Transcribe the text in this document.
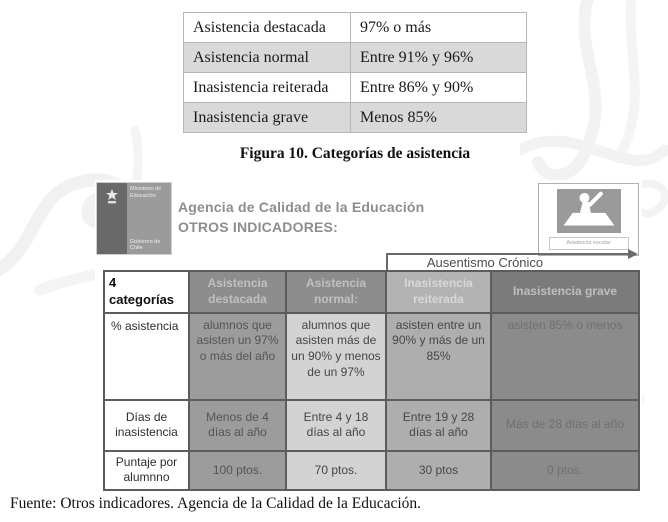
Asistencia destacada	97% o más
Asistencia normal	Entre 91% y 96%
Inasistencia reiterada	Entre 86% y 90%
Inasistencia grave	Menos 85%
Figura 10. Categorías de asistencia
Ministerio de Educación
Gobierno de Chile
Agencia de Calidad de la Educación
OTROS INDICADORES:
Asistencia escolar
Ausentismo Crónico
4 categorías	Asistencia destacada	Asistencia normal:	Inasistencia reiterada	Inasistencia grave
% asistencia	alumnos que asisten un 97% o más del año	alumnos que asisten más de un 90% y menos de un 97%	asisten entre un 90% y más de un 85%	asisten 85% o menos
Días de inasistencia	Menos de 4 días al año	Entre 4 y 18 días al año	Entre 19 y 28 días al año	Más de 28 días al año
Puntaje por alumnno	100 ptos.	70 ptos.	30 ptos	0 ptos.
Fuente: Otros indicadores. Agencia de la Calidad de la Educación.
